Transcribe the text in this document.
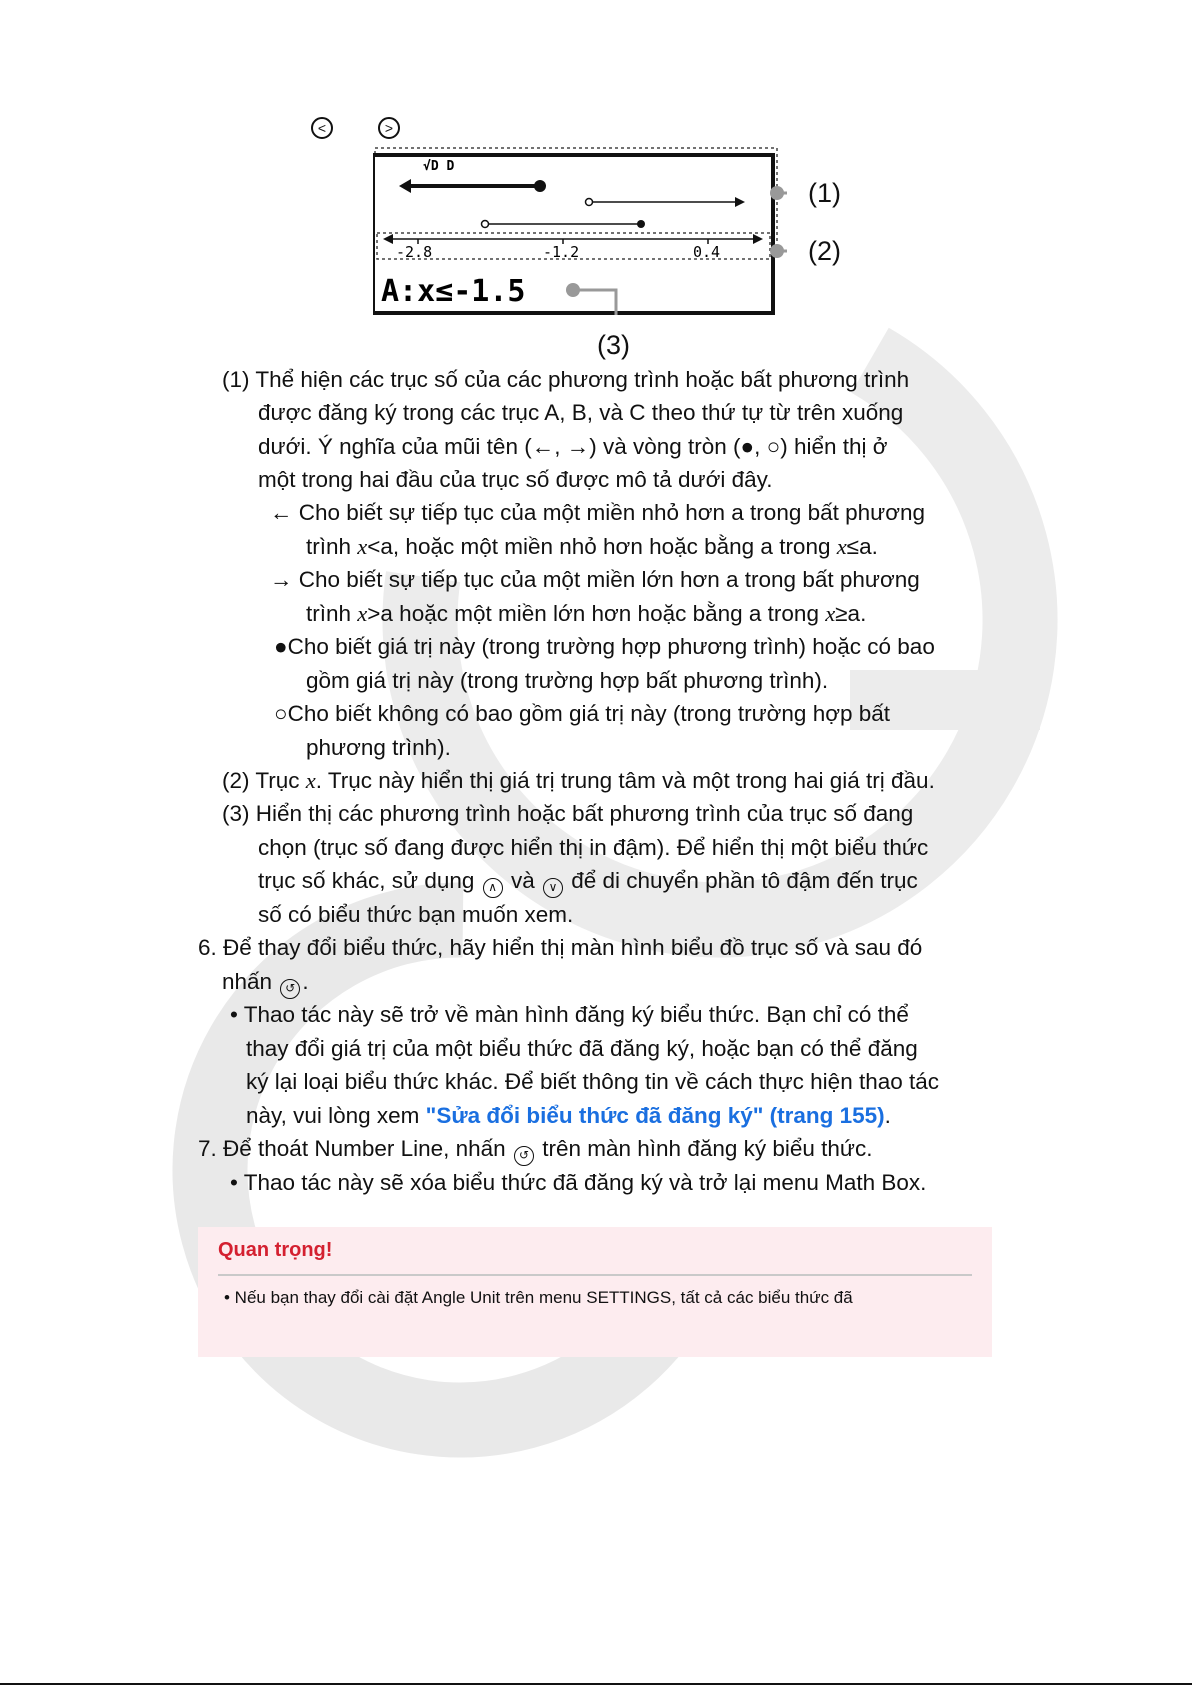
<	>
√D D
-2.8	-1.2	0.4
A:x≤-1.5
(1)
(2)
(3)
(1) Thể hiện các trục số của các phương trình hoặc bất phương trình
được đăng ký trong các trục A, B, và C theo thứ tự từ trên xuống
dưới. Ý nghĩa của mũi tên (←, →) và vòng tròn (●, ○) hiển thị ở
một trong hai đầu của trục số được mô tả dưới đây.
← Cho biết sự tiếp tục của một miền nhỏ hơn a trong bất phương
trình x<a, hoặc một miền nhỏ hơn hoặc bằng a trong x≤a.
→ Cho biết sự tiếp tục của một miền lớn hơn a trong bất phương
trình x>a hoặc một miền lớn hơn hoặc bằng a trong x≥a.
●Cho biết giá trị này (trong trường hợp phương trình) hoặc có bao
gồm giá trị này (trong trường hợp bất phương trình).
○Cho biết không có bao gồm giá trị này (trong trường hợp bất
phương trình).
(2) Trục x. Trục này hiển thị giá trị trung tâm và một trong hai giá trị đầu.
(3) Hiển thị các phương trình hoặc bất phương trình của trục số đang
chọn (trục số đang được hiển thị in đậm). Để hiển thị một biểu thức
trục số khác, sử dụng ∧ và ∨ để di chuyển phần tô đậm đến trục
số có biểu thức bạn muốn xem.
6. Để thay đổi biểu thức, hãy hiển thị màn hình biểu đồ trục số và sau đó
nhấn ↺ .
• Thao tác này sẽ trở về màn hình đăng ký biểu thức. Bạn chỉ có thể
thay đổi giá trị của một biểu thức đã đăng ký, hoặc bạn có thể đăng
ký lại loại biểu thức khác. Để biết thông tin về cách thực hiện thao tác
này, vui lòng xem "Sửa đổi biểu thức đã đăng ký" (trang 155).
7. Để thoát Number Line, nhấn ↺ trên màn hình đăng ký biểu thức.
• Thao tác này sẽ xóa biểu thức đã đăng ký và trở lại menu Math Box.
Quan trọng!
• Nếu bạn thay đổi cài đặt Angle Unit trên menu SETTINGS, tất cả các biểu thức đã
